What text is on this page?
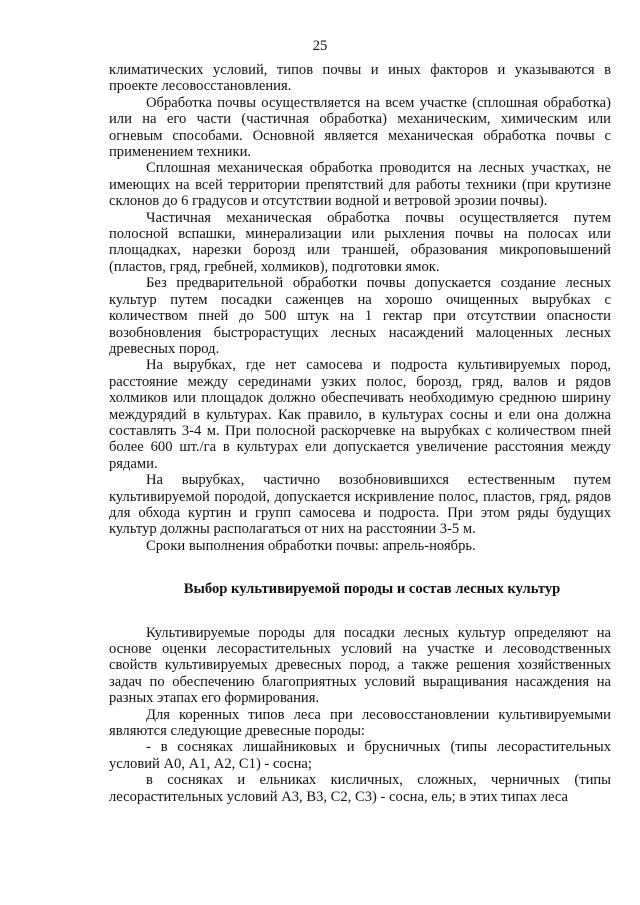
25

климатических условий, типов почвы и иных факторов и указываются в проекте лесовосстановления.

Обработка почвы осуществляется на всем участке (сплошная обработка) или на его части (частичная обработка) механическим, химическим или огневым способами. Основной является механическая обработка почвы с применением техники.

Сплошная механическая обработка проводится на лесных участках, не имеющих на всей территории препятствий для работы техники (при крутизне склонов до 6 градусов и отсутствии водной и ветровой эрозии почвы).

Частичная механическая обработка почвы осуществляется путем полосной вспашки, минерализации или рыхления почвы на полосах или площадках, нарезки борозд или траншей, образования микроповышений (пластов, гряд, гребней, холмиков), подготовки ямок.

Без предварительной обработки почвы допускается создание лесных культур путем посадки саженцев на хорошо очищенных вырубках с количеством пней до 500 штук на 1 гектар при отсутствии опасности возобновления быстрорастущих лесных насаждений малоценных лесных древесных пород.

На вырубках, где нет самосева и подроста культивируемых пород, расстояние между серединами узких полос, борозд, гряд, валов и рядов холмиков или площадок должно обеспечивать необходимую среднюю ширину междурядий в культурах. Как правило, в культурах сосны и ели она должна составлять 3-4 м. При полосной раскорчевке на вырубках с количеством пней более 600 шт./га в культурах ели допускается увеличение расстояния между рядами.

На вырубках, частично возобновившихся естественным путем культивируемой породой, допускается искривление полос, пластов, гряд, рядов для обхода куртин и групп самосева и подроста. При этом ряды будущих культур должны располагаться от них на расстоянии 3-5 м.

Сроки выполнения обработки почвы: апрель-ноябрь.

Выбор культивируемой породы и состав лесных культур

Культивируемые породы для посадки лесных культур определяют на основе оценки лесорастительных условий на участке и лесоводственных свойств культивируемых древесных пород, а также решения хозяйственных задач по обеспечению благоприятных условий выращивания насаждения на разных этапах его формирования.

Для коренных типов леса при лесовосстановлении культивируемыми являются следующие древесные породы:

- в сосняках лишайниковых и брусничных (типы лесорастительных условий А0, А1, А2, С1) - сосна;

в сосняках и ельниках кисличных, сложных, черничных (типы лесорастительных условий А3, В3, С2, С3) - сосна, ель; в этих типах леса
